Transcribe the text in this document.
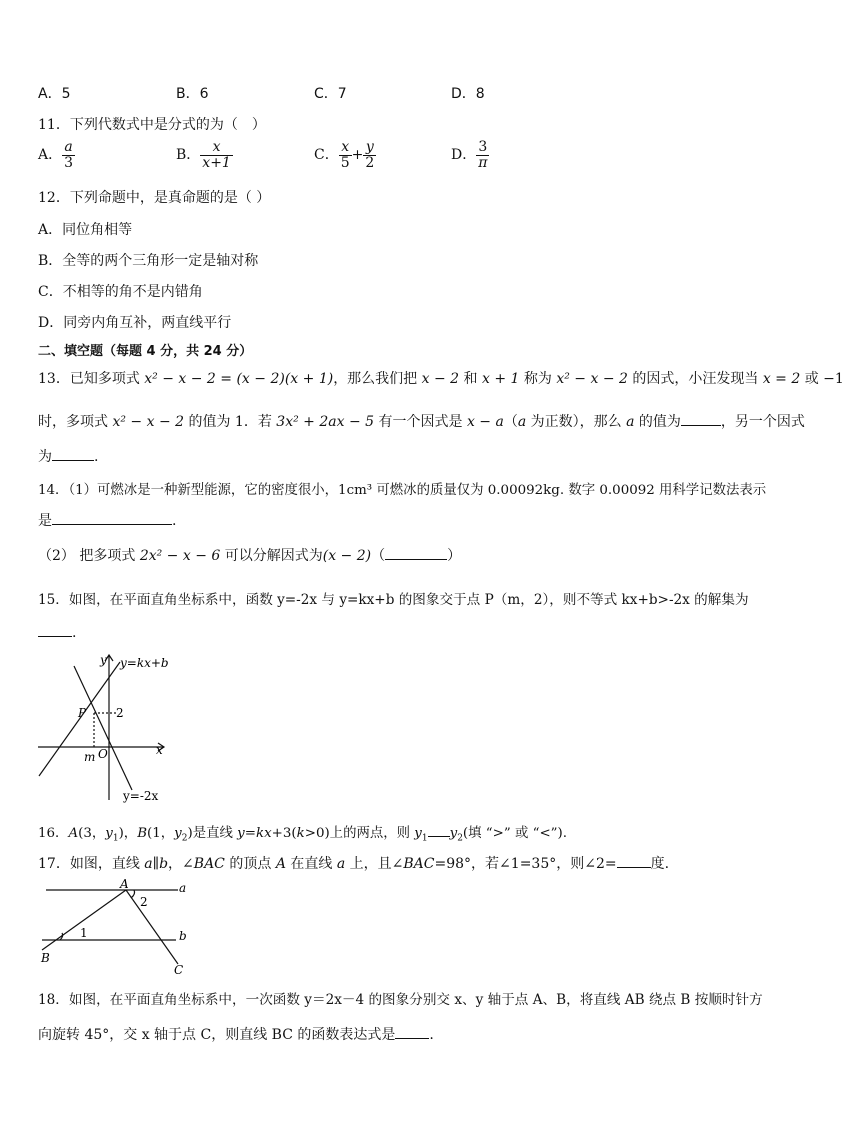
A．5	B．6	C．7	D．8
11．下列代数式中是分式的为（　）
A． $\frac{a}{3}$	B． $\frac{x}{x+1}$	C． $\frac{x}{5} + \frac{y}{2}$	D． $\frac{3}{\pi}$
12．下列命题中，是真命题的是（ ）
A．同位角相等
B．全等的两个三角形一定是轴对称
C．不相等的角不是内错角
D．同旁内角互补，两直线平行
二、填空题（每题 4 分，共 24 分）
13．已知多项式 x² − x − 2 = (x − 2)(x + 1)，那么我们把 x − 2 和 x + 1 称为 x² − x − 2 的因式，小汪发现当 x = 2 或 −1
时，多项式 x² − x − 2 的值为 1．若 3x² + 2ax − 5 有一个因式是 x − a（a 为正数），那么 a 的值为	，另一个因式
为	.
14．（1）可燃冰是一种新型能源，它的密度很小，1cm³ 可燃冰的质量仅为 0.00092kg. 数字 0.00092 用科学记数法表示
是	.
（2） 把多项式 2x² − x − 6 可以分解因式为(x − 2)（	）
15．如图，在平面直角坐标系中，函数 y=-2x 与 y=kx+b 的图象交于点 P（m，2），则不等式 kx+b>-2x 的解集为
.
y
x
y=kx+b
y=-2x
P 2
m O
16．A(3，$y_1$)，B(1，$y_2$)是直线 y=kx+3(k>0)上的两点，则 $y_1$ $y_2$(填 “>” 或 “<”).
17．如图，直线 a∥b，∠BAC 的顶点 A 在直线 a 上，且∠BAC=98°，若∠1=35°，则∠2= 度.
A	a
b
B
C
1
2
18．如图，在平面直角坐标系中，一次函数 y＝2x－4 的图象分别交 x、y 轴于点 A、B，将直线 AB 绕点 B 按顺时针方
向旋转 45°，交 x 轴于点 C，则直线 BC 的函数表达式是 .
